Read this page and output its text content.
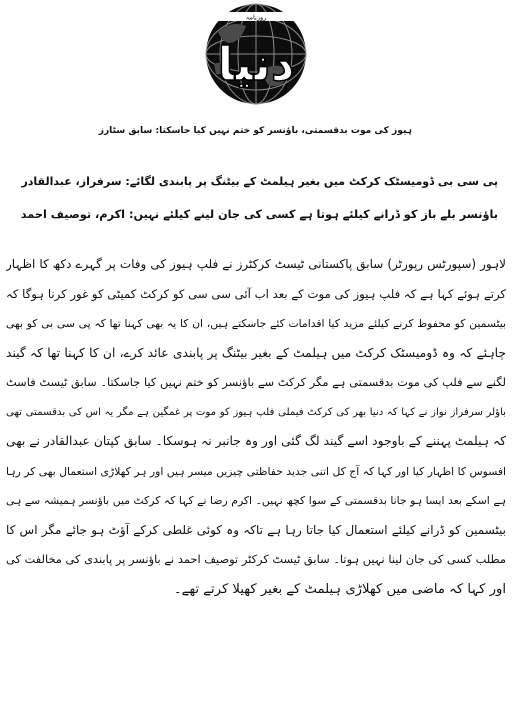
روزنامہ
دنیا
ہیوز کی موت بدقسمتی، باؤنسر کو ختم نہیں کیا جاسکتا: سابق سٹارز
پی سی بی ڈومیسٹک کرکٹ میں بغیر ہیلمٹ کے بیٹنگ پر پابندی لگائے: سرفراز، عبدالقادر
باؤنسر بلے باز کو ڈرانے کیلئے ہوتا ہے کسی کی جان لینے کیلئے نہیں: اکرم، توصیف احمد
لاہور (سپورٹس رپورٹر) سابق پاکستانی ٹیسٹ کرکٹرز نے فلپ ہیوز کی وفات پر گہرے دکھ کا اظہار
کرتے ہوئے کہا ہے کہ فلپ ہیوز کی موت کے بعد اب آئی سی سی کو کرکٹ کمیٹی کو غور کرنا ہوگا کہ
بیٹسمین کو محفوظ کرنے کیلئے مزید کیا اقدامات کئے جاسکتے ہیں، ان کا یہ بھی کہنا تھا کہ پی سی بی کو بھی
چاہئے کہ وہ ڈومیسٹک کرکٹ میں ہیلمٹ کے بغیر بیٹنگ پر پابندی عائد کرے، ان کا کہنا تھا کہ گیند
لگنے سے فلپ کی موت بدقسمتی ہے مگر کرکٹ سے باؤنسر کو ختم نہیں کیا جاسکتا۔ سابق ٹیسٹ فاسٹ
باؤلر سرفراز نواز نے کہا کہ دنیا بھر کی کرکٹ فیملی فلپ ہیوز کو موت پر غمگین ہے مگر یہ اس کی بدقسمتی تھی
کہ ہیلمٹ پہننے کے باوجود اسے گیند لگ گئی اور وہ جانبر نہ ہوسکا۔ سابق کپتان عبدالقادر نے بھی
افسوس کا اظہار کیا اور کہا کہ آج کل اتنی جدید حفاظتی چیزیں میسر ہیں اور ہر کھلاڑی استعمال بھی کر رہا
ہے اسکے بعد ایسا ہو جانا بدقسمتی کے سوا کچھ نہیں۔ اکرم رضا نے کہا کہ کرکٹ میں باؤنسر ہمیشہ سے ہی
بیٹسمین کو ڈرانے کیلئے استعمال کیا جاتا رہا ہے تاکہ وہ کوئی غلطی کرکے آؤٹ ہو جائے مگر اس کا
مطلب کسی کی جان لینا نہیں ہوتا۔ سابق ٹیسٹ کرکٹر توصیف احمد نے باؤنسر پر پابندی کی مخالفت کی
اور کہا کہ ماضی میں کھلاڑی ہیلمٹ کے بغیر کھیلا کرتے تھے۔
